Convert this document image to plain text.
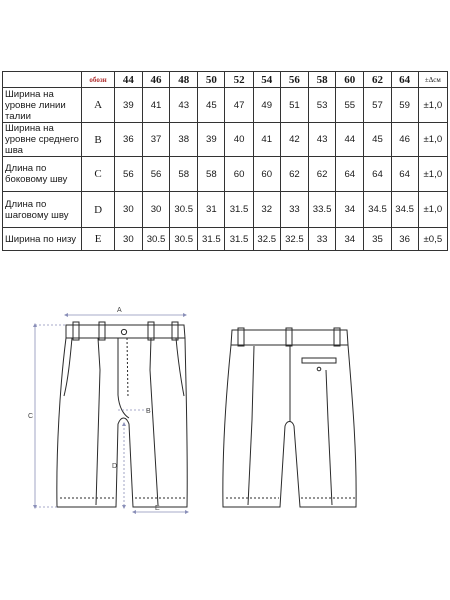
	обозн	44	46	48	50	52	54	56	58	60	62	64	±Δсм
Ширина на уровне линии талии	A	39	41	43	45	47	49	51	53	55	57	59	±1,0
Ширина на уровне среднего шва	B	36	37	38	39	40	41	42	43	44	45	46	±1,0
Длина по боковому шву	C	56	56	58	58	60	60	62	62	64	64	64	±1,0
Длина по шаговому шву	D	30	30	30.5	31	31.5	32	33	33.5	34	34.5	34.5	±1,0
Ширина по низу	E	30	30.5	30.5	31.5	31.5	32.5	32.5	33	34	35	36	±0,5
A
B
C
D
E
